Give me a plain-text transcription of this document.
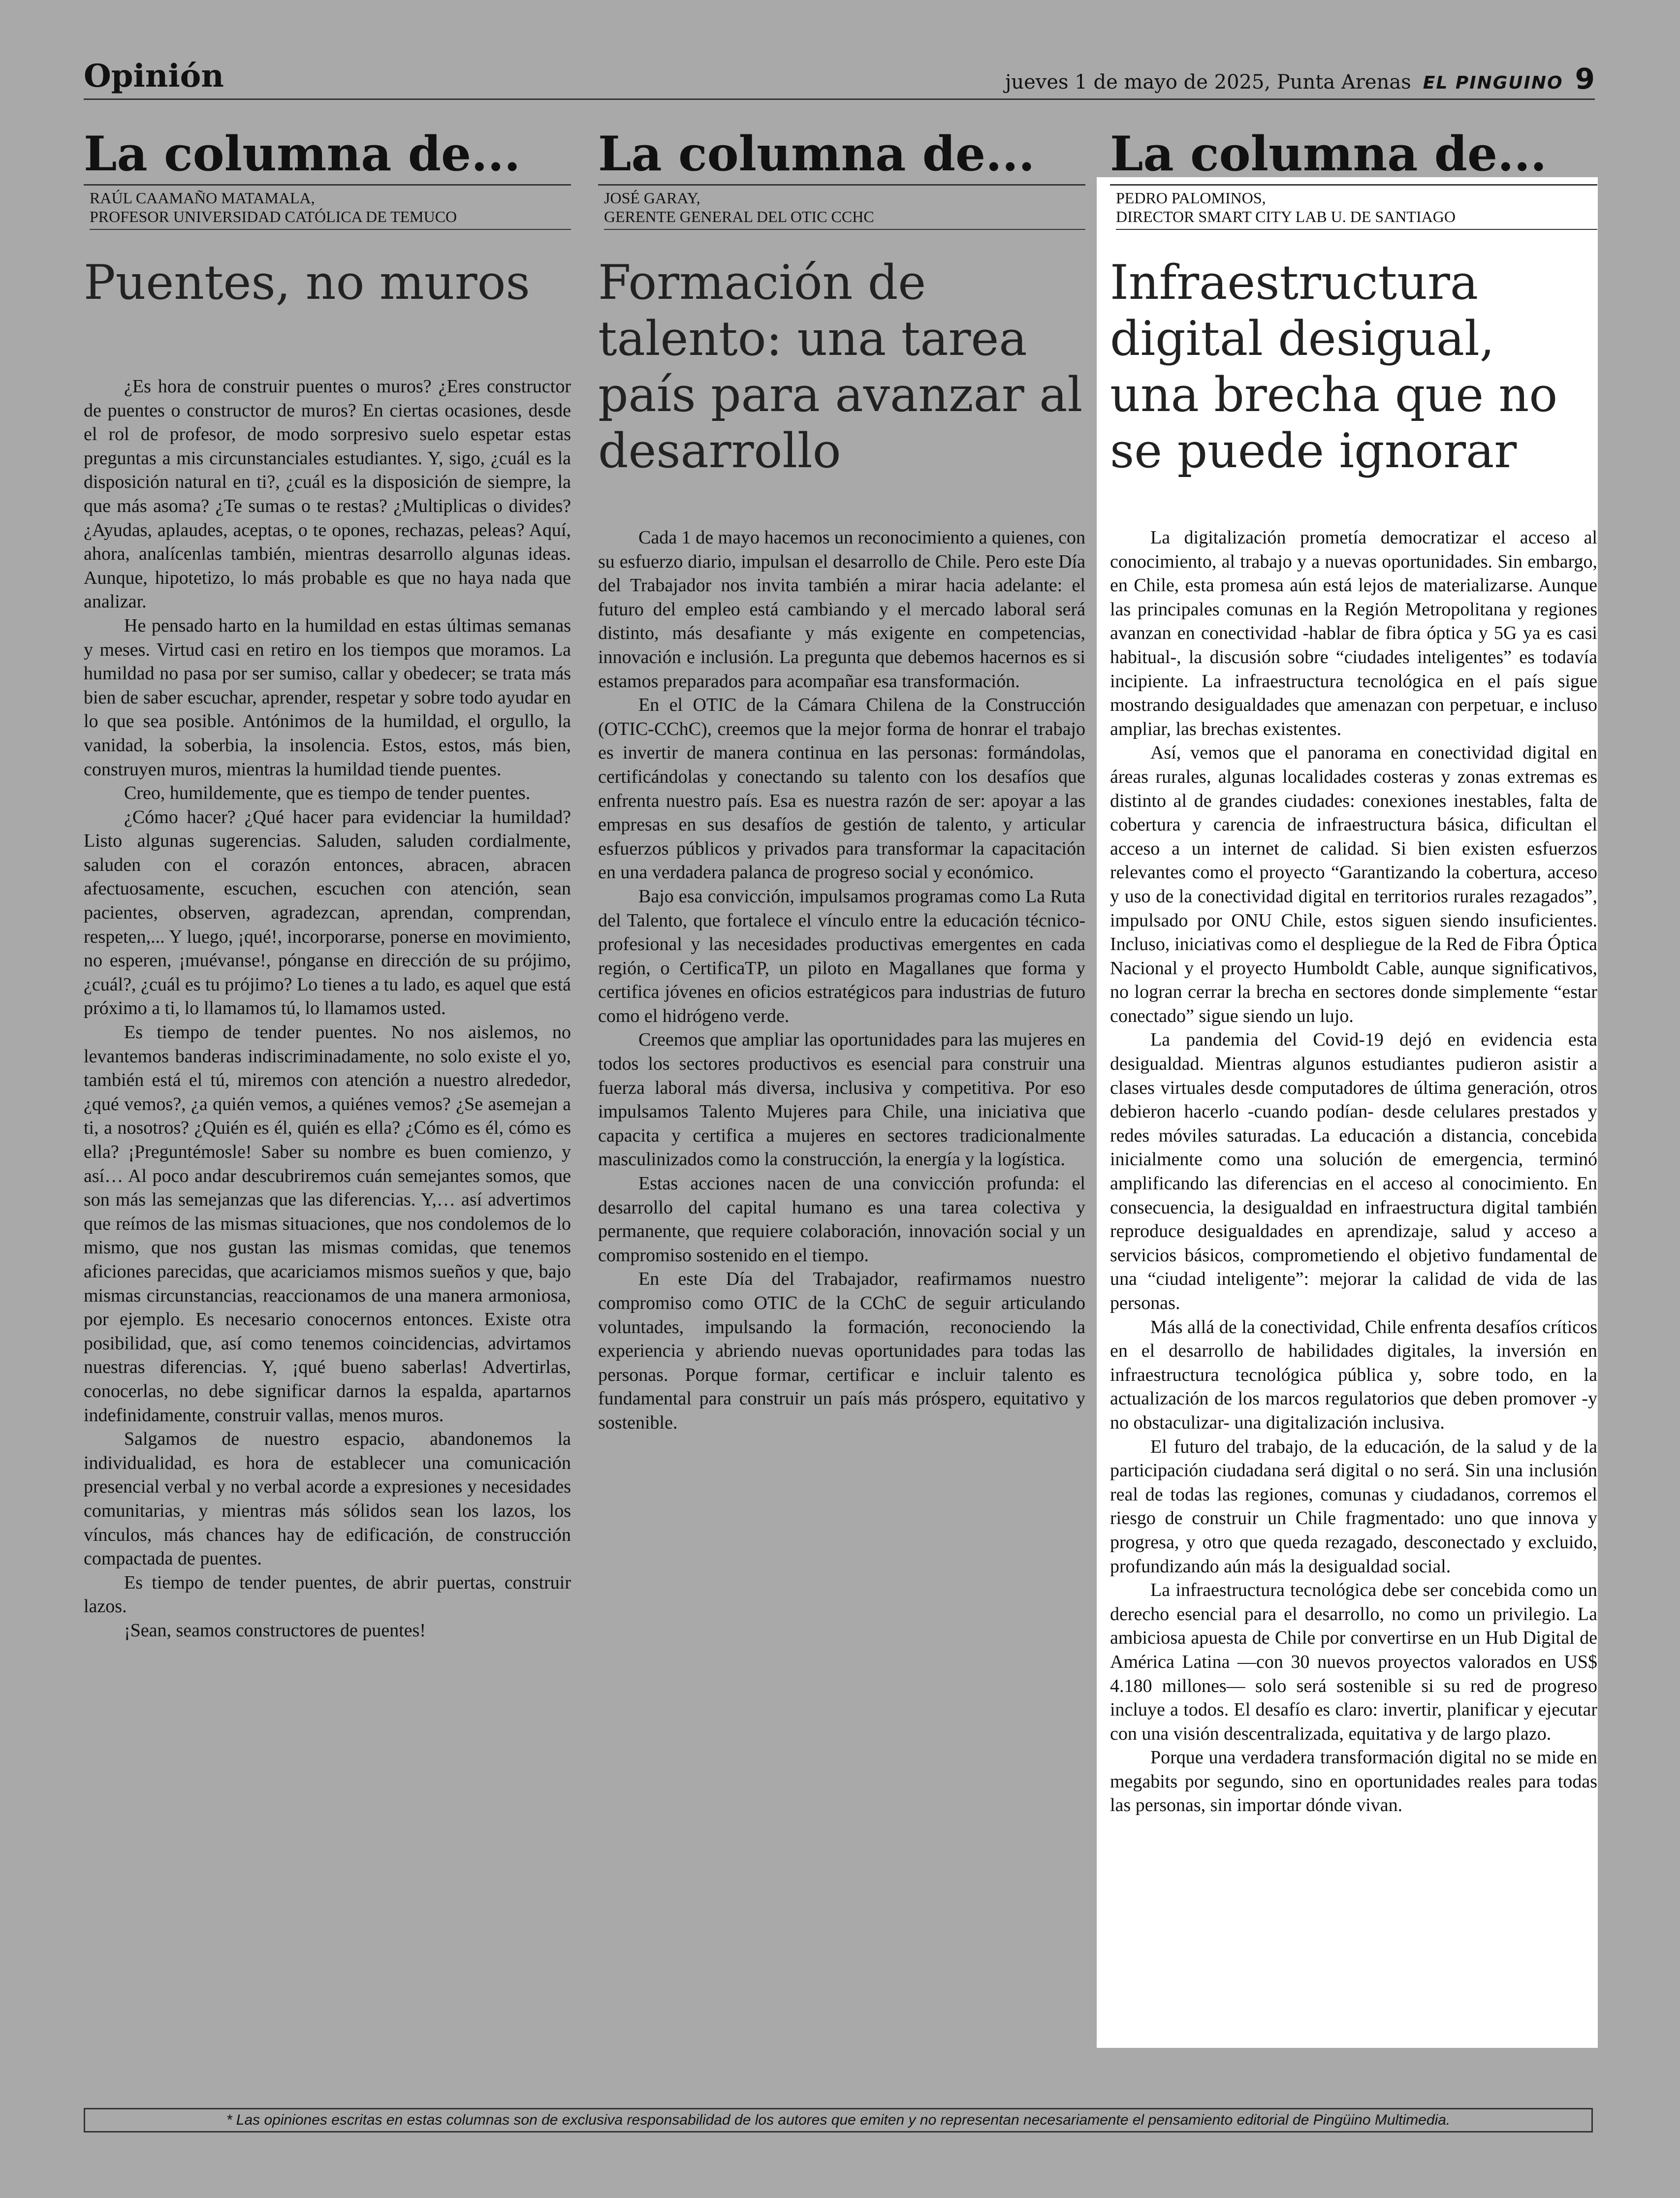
Opinión	jueves 1 de mayo de 2025, Punta Arenas EL PINGUINO 9
La columna de...
RAÚL CAAMAÑO MATAMALA,
PROFESOR UNIVERSIDAD CATÓLICA DE TEMUCO
Puentes, no muros

¿Es hora de construir puentes o muros? ¿Eres constructor de puentes o constructor de muros? En ciertas ocasiones, desde el rol de profesor, de modo sorpresivo suelo espetar estas preguntas a mis circunstanciales estudiantes. Y, sigo, ¿cuál es la disposición natural en ti?, ¿cuál es la disposición de siempre, la que más asoma? ¿Te sumas o te restas? ¿Multiplicas o divides? ¿Ayudas, aplaudes, aceptas, o te opones, rechazas, peleas? Aquí, ahora, analícenlas también, mientras desarrollo algunas ideas. Aunque, hipotetizo, lo más probable es que no haya nada que analizar.

He pensado harto en la humildad en estas últimas semanas y meses. Virtud casi en retiro en los tiempos que moramos. La humildad no pasa por ser sumiso, callar y obedecer; se trata más bien de saber escuchar, aprender, respetar y sobre todo ayudar en lo que sea posible. Antónimos de la humildad, el orgullo, la vanidad, la soberbia, la insolencia. Estos, estos, más bien, construyen muros, mientras la humildad tiende puentes.

Creo, humildemente, que es tiempo de tender puentes.

¿Cómo hacer? ¿Qué hacer para evidenciar la humildad? Listo algunas sugerencias. Saluden, saluden cordialmente, saluden con el corazón entonces, abracen, abracen afectuosamente, escuchen, escuchen con atención, sean pacientes, observen, agradezcan, aprendan, comprendan, respeten,... Y luego, ¡qué!, incorporarse, ponerse en movimiento, no esperen, ¡muévanse!, pónganse en dirección de su prójimo, ¿cuál?, ¿cuál es tu prójimo? Lo tienes a tu lado, es aquel que está próximo a ti, lo llamamos tú, lo llamamos usted.

Es tiempo de tender puentes. No nos aislemos, no levantemos banderas indiscriminadamente, no solo existe el yo, también está el tú, miremos con atención a nuestro alrededor, ¿qué vemos?, ¿a quién vemos, a quiénes vemos? ¿Se asemejan a ti, a nosotros? ¿Quién es él, quién es ella? ¿Cómo es él, cómo es ella? ¡Preguntémosle! Saber su nombre es buen comienzo, y así… Al poco andar descubriremos cuán semejantes somos, que son más las semejanzas que las diferencias. Y,… así advertimos que reímos de las mismas situaciones, que nos condolemos de lo mismo, que nos gustan las mismas comidas, que tenemos aficiones parecidas, que acariciamos mismos sueños y que, bajo mismas circunstancias, reaccionamos de una manera armoniosa, por ejemplo. Es necesario conocernos entonces. Existe otra posibilidad, que, así como tenemos coincidencias, advirtamos nuestras diferencias. Y, ¡qué bueno saberlas! Advertirlas, conocerlas, no debe significar darnos la espalda, apartarnos indefinidamente, construir vallas, menos muros.

Salgamos de nuestro espacio, abandonemos la individualidad, es hora de establecer una comunicación presencial verbal y no verbal acorde a expresiones y necesidades comunitarias, y mientras más sólidos sean los lazos, los vínculos, más chances hay de edificación, de construcción compactada de puentes.

Es tiempo de tender puentes, de abrir puertas, construir lazos.

¡Sean, seamos constructores de puentes!

La columna de...
JOSÉ GARAY,
GERENTE GENERAL DEL OTIC CCHC
Formación de talento: una tarea país para avanzar al desarrollo

Cada 1 de mayo hacemos un reconocimiento a quienes, con su esfuerzo diario, impulsan el desarrollo de Chile. Pero este Día del Trabajador nos invita también a mirar hacia adelante: el futuro del empleo está cambiando y el mercado laboral será distinto, más desafiante y más exigente en competencias, innovación e inclusión. La pregunta que debemos hacernos es si estamos preparados para acompañar esa transformación.

En el OTIC de la Cámara Chilena de la Construcción (OTIC-CChC), creemos que la mejor forma de honrar el trabajo es invertir de manera continua en las personas: formándolas, certificándolas y conectando su talento con los desafíos que enfrenta nuestro país. Esa es nuestra razón de ser: apoyar a las empresas en sus desafíos de gestión de talento, y articular esfuerzos públicos y privados para transformar la capacitación en una verdadera palanca de progreso social y económico.

Bajo esa convicción, impulsamos programas como La Ruta del Talento, que fortalece el vínculo entre la educación técnico-profesional y las necesidades productivas emergentes en cada región, o CertificaTP, un piloto en Magallanes que forma y certifica jóvenes en oficios estratégicos para industrias de futuro como el hidrógeno verde.

Creemos que ampliar las oportunidades para las mujeres en todos los sectores productivos es esencial para construir una fuerza laboral más diversa, inclusiva y competitiva. Por eso impulsamos Talento Mujeres para Chile, una iniciativa que capacita y certifica a mujeres en sectores tradicionalmente masculinizados como la construcción, la energía y la logística.

Estas acciones nacen de una convicción profunda: el desarrollo del capital humano es una tarea colectiva y permanente, que requiere colaboración, innovación social y un compromiso sostenido en el tiempo.

En este Día del Trabajador, reafirmamos nuestro compromiso como OTIC de la CChC de seguir articulando voluntades, impulsando la formación, reconociendo la experiencia y abriendo nuevas oportunidades para todas las personas. Porque formar, certificar e incluir talento es fundamental para construir un país más próspero, equitativo y sostenible.

La columna de...
PEDRO PALOMINOS,
DIRECTOR SMART CITY LAB U. DE SANTIAGO
Infraestructura digital desigual, una brecha que no se puede ignorar

La digitalización prometía democratizar el acceso al conocimiento, al trabajo y a nuevas oportunidades. Sin embargo, en Chile, esta promesa aún está lejos de materializarse. Aunque las principales comunas en la Región Metropolitana y regiones avanzan en conectividad -hablar de fibra óptica y 5G ya es casi habitual-, la discusión sobre “ciudades inteligentes” es todavía incipiente. La infraestructura tecnológica en el país sigue mostrando desigualdades que amenazan con perpetuar, e incluso ampliar, las brechas existentes.

Así, vemos que el panorama en conectividad digital en áreas rurales, algunas localidades costeras y zonas extremas es distinto al de grandes ciudades: conexiones inestables, falta de cobertura y carencia de infraestructura básica, dificultan el acceso a un internet de calidad. Si bien existen esfuerzos relevantes como el proyecto “Garantizando la cobertura, acceso y uso de la conectividad digital en territorios rurales rezagados”, impulsado por ONU Chile, estos siguen siendo insuficientes. Incluso, iniciativas como el despliegue de la Red de Fibra Óptica Nacional y el proyecto Humboldt Cable, aunque significativos, no logran cerrar la brecha en sectores donde simplemente “estar conectado” sigue siendo un lujo.

La pandemia del Covid-19 dejó en evidencia esta desigualdad. Mientras algunos estudiantes pudieron asistir a clases virtuales desde computadores de última generación, otros debieron hacerlo -cuando podían- desde celulares prestados y redes móviles saturadas. La educación a distancia, concebida inicialmente como una solución de emergencia, terminó amplificando las diferencias en el acceso al conocimiento. En consecuencia, la desigualdad en infraestructura digital también reproduce desigualdades en aprendizaje, salud y acceso a servicios básicos, comprometiendo el objetivo fundamental de una “ciudad inteligente”: mejorar la calidad de vida de las personas.

Más allá de la conectividad, Chile enfrenta desafíos críticos en el desarrollo de habilidades digitales, la inversión en infraestructura tecnológica pública y, sobre todo, en la actualización de los marcos regulatorios que deben promover -y no obstaculizar- una digitalización inclusiva.

El futuro del trabajo, de la educación, de la salud y de la participación ciudadana será digital o no será. Sin una inclusión real de todas las regiones, comunas y ciudadanos, corremos el riesgo de construir un Chile fragmentado: uno que innova y progresa, y otro que queda rezagado, desconectado y excluido, profundizando aún más la desigualdad social.

La infraestructura tecnológica debe ser concebida como un derecho esencial para el desarrollo, no como un privilegio. La ambiciosa apuesta de Chile por convertirse en un Hub Digital de América Latina —con 30 nuevos proyectos valorados en US$ 4.180 millones— solo será sostenible si su red de progreso incluye a todos. El desafío es claro: invertir, planificar y ejecutar con una visión descentralizada, equitativa y de largo plazo.

Porque una verdadera transformación digital no se mide en megabits por segundo, sino en oportunidades reales para todas las personas, sin importar dónde vivan.

* Las opiniones escritas en estas columnas son de exclusiva responsabilidad de los autores que emiten y no representan necesariamente el pensamiento editorial de Pingüino Multimedia.
